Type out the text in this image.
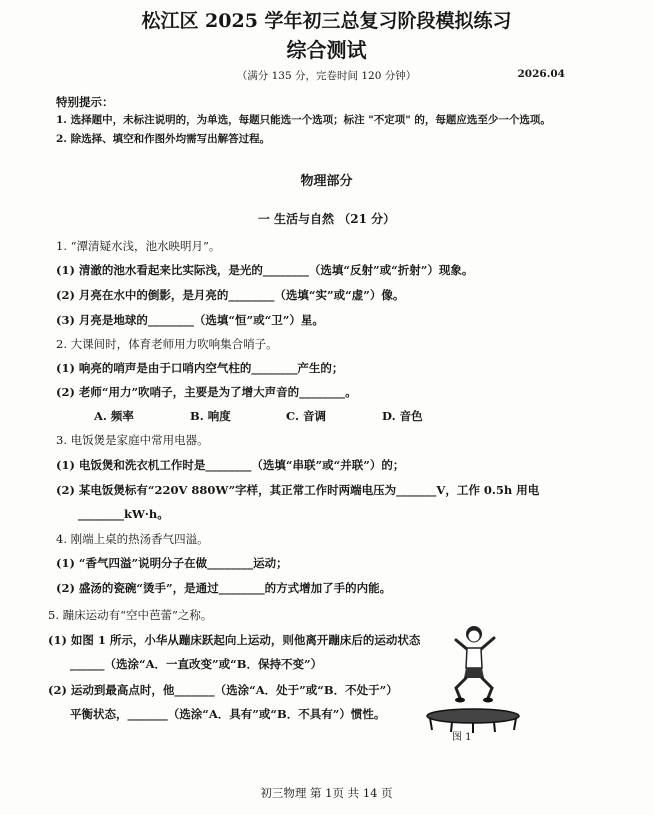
松江区 2025 学年初三总复习阶段模拟练习
综合测试
（满分 135 分，完卷时间 120 分钟）	2026.04
特别提示：
1. 选择题中，未标注说明的，为单选，每题只能选一个选项；标注 "不定项" 的，每题应选至少一个选项。
2. 除选择、填空和作图外均需写出解答过程。
物理部分
一 生活与自然 （21 分）
1. “潭清疑水浅，池水映明月”。
(1) 清澈的池水看起来比实际浅，是光的________（选填“反射”或“折射”）现象。
(2) 月亮在水中的倒影，是月亮的________（选填“实”或“虚”）像。
(3) 月亮是地球的________（选填“恒”或“卫”）星。
2. 大课间时，体育老师用力吹响集合哨子。
(1) 响亮的哨声是由于口哨内空气柱的________产生的；
(2) 老师“用力”吹哨子，主要是为了增大声音的________。
A. 频率	B. 响度	C. 音调	D. 音色
3. 电饭煲是家庭中常用电器。
(1) 电饭煲和洗衣机工作时是________（选填“串联”或“并联”）的；
(2) 某电饭煲标有“220V 880W”字样，其正常工作时两端电压为_______V，工作 0.5h 用电
________kW·h。
4. 刚端上桌的热汤香气四溢。
(1) “香气四溢”说明分子在做________运动；
(2) 盛汤的瓷碗“烫手”，是通过________的方式增加了手的内能。
5. 蹦床运动有“空中芭蕾”之称。
(1) 如图 1 所示，小华从蹦床跃起向上运动，则他离开蹦床后的运动状态
______（选涂“A．一直改变”或“B．保持不变”）
(2) 运动到最高点时，他_______（选涂“A．处于”或“B．不处于”）
平衡状态，_______（选涂“A．具有”或“B．不具有”）惯性。
图 1
初三物理 第 1页 共 14 页
